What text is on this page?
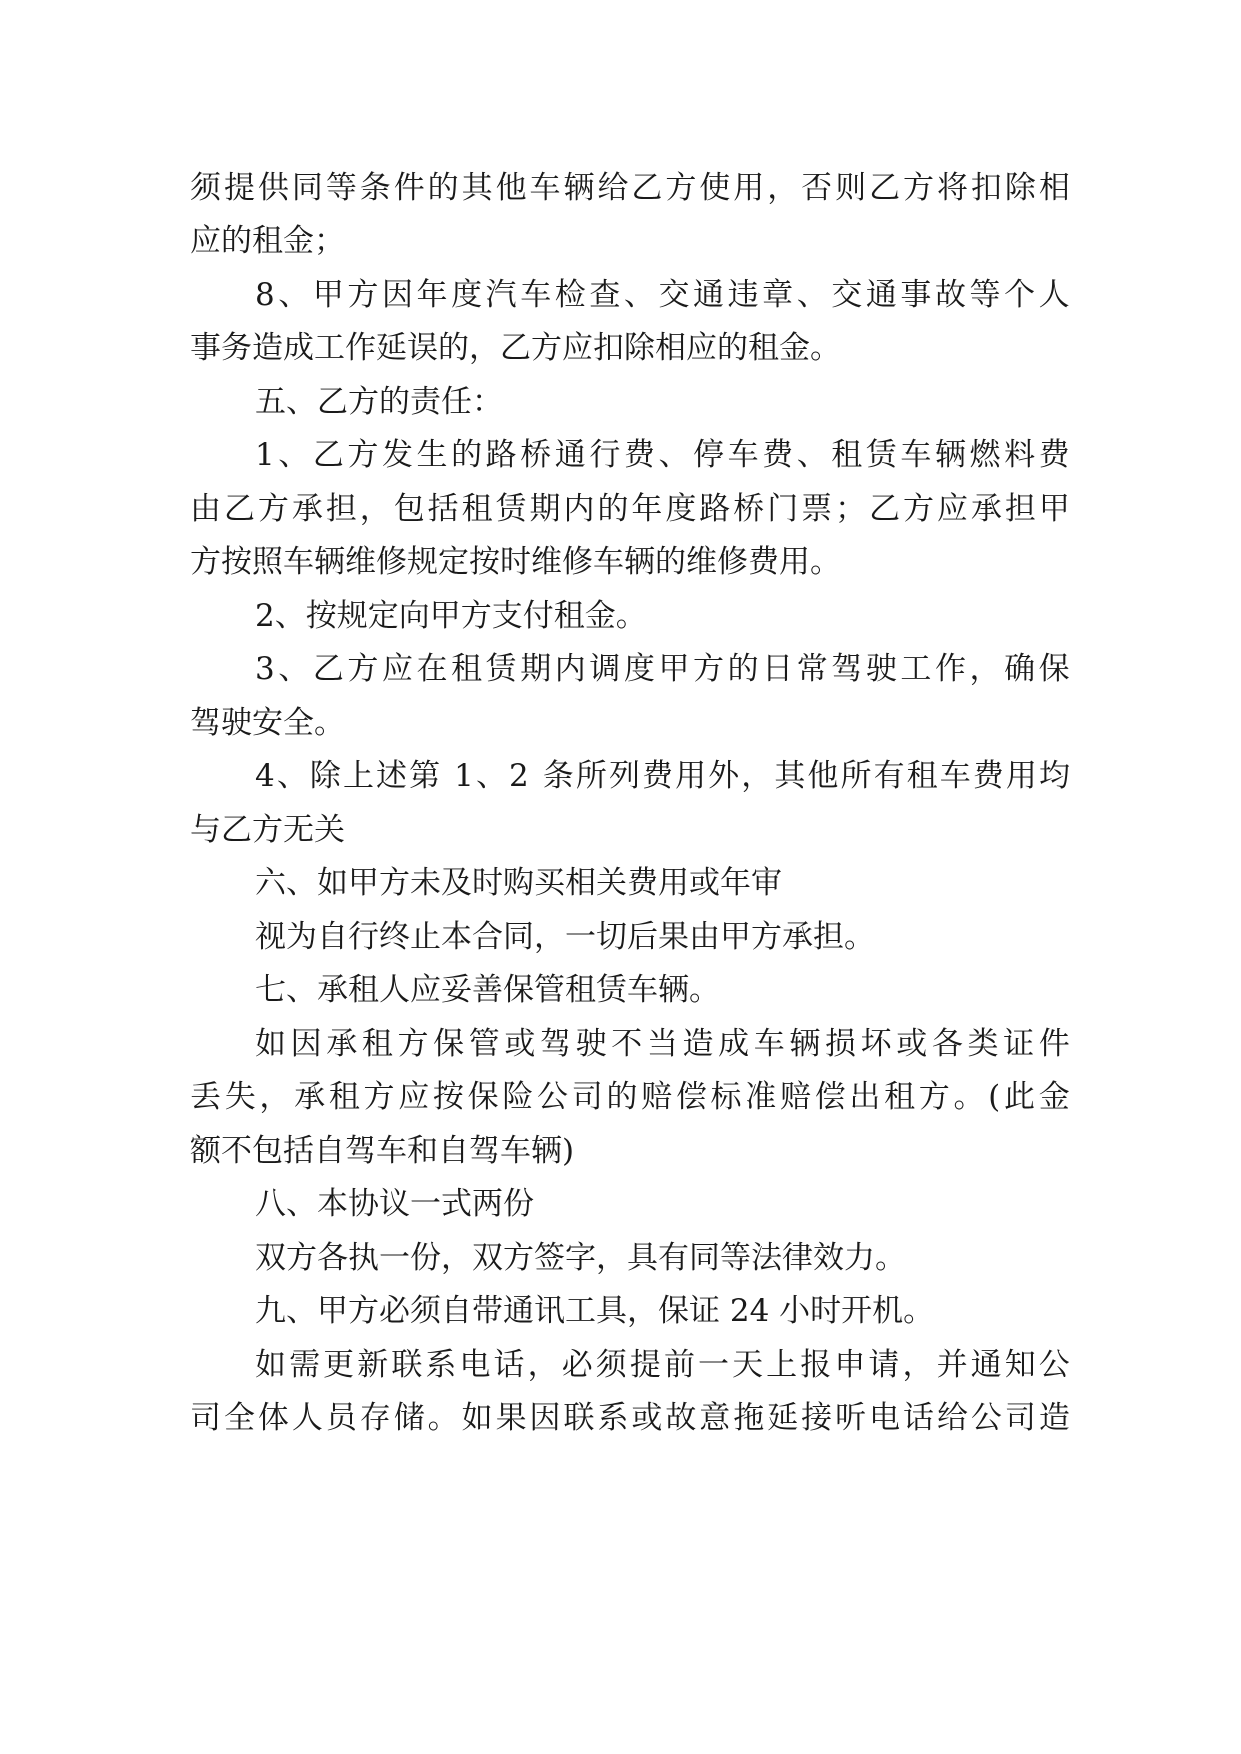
须 提 供 同 等 条 件 的 其 他 车 辆 给 乙 方 使 用 ， 否 则 乙 方 将 扣 除 相
应的租金；
8 、 甲 方 因 年 度 汽 车 检 查 、 交 通 违 章 、 交 通 事 故 等 个 人
事务造成工作延误的，乙方应扣除相应的租金。
五、乙方的责任：
1 、 乙 方 发 生 的 路 桥 通 行 费 、 停 车 费 、 租 赁 车 辆 燃 料 费
由 乙 方 承 担 ， 包 括 租 赁 期 内 的 年 度 路 桥 门 票 ； 乙 方 应 承 担 甲
方按照车辆维修规定按时维修车辆的维修费用。
2、按规定向甲方支付租金。
3 、 乙 方 应 在 租 赁 期 内 调 度 甲 方 的 日 常 驾 驶 工 作 ， 确 保
驾驶安全。
4 、 除 上 述 第
1 、 2
条 所 列 费 用 外 ， 其 他 所 有 租 车 费 用 均
与乙方无关
六、如甲方未及时购买相关费用或年审
视为自行终止本合同，一切后果由甲方承担。
七、承租人应妥善保管租赁车辆。
如 因 承 租 方 保 管 或 驾 驶 不 当 造 成 车 辆 损 坏 或 各 类 证 件
丢 失 ， 承 租 方 应 按 保 险 公 司 的 赔 偿 标 准 赔 偿 出 租 方 。 ( 此 金
额不包括自驾车和自驾车辆)
八、本协议一式两份
双方各执一份，双方签字，具有同等法律效力。
九、甲方必须自带通讯工具，保证 24 小时开机。
如 需 更 新 联 系 电 话 ， 必 须 提 前 一 天 上 报 申 请 ， 并 通 知 公
司 全 体 人 员 存 储 。 如 果 因 联 系 或 故 意 拖 延 接 听 电 话 给 公 司 造
